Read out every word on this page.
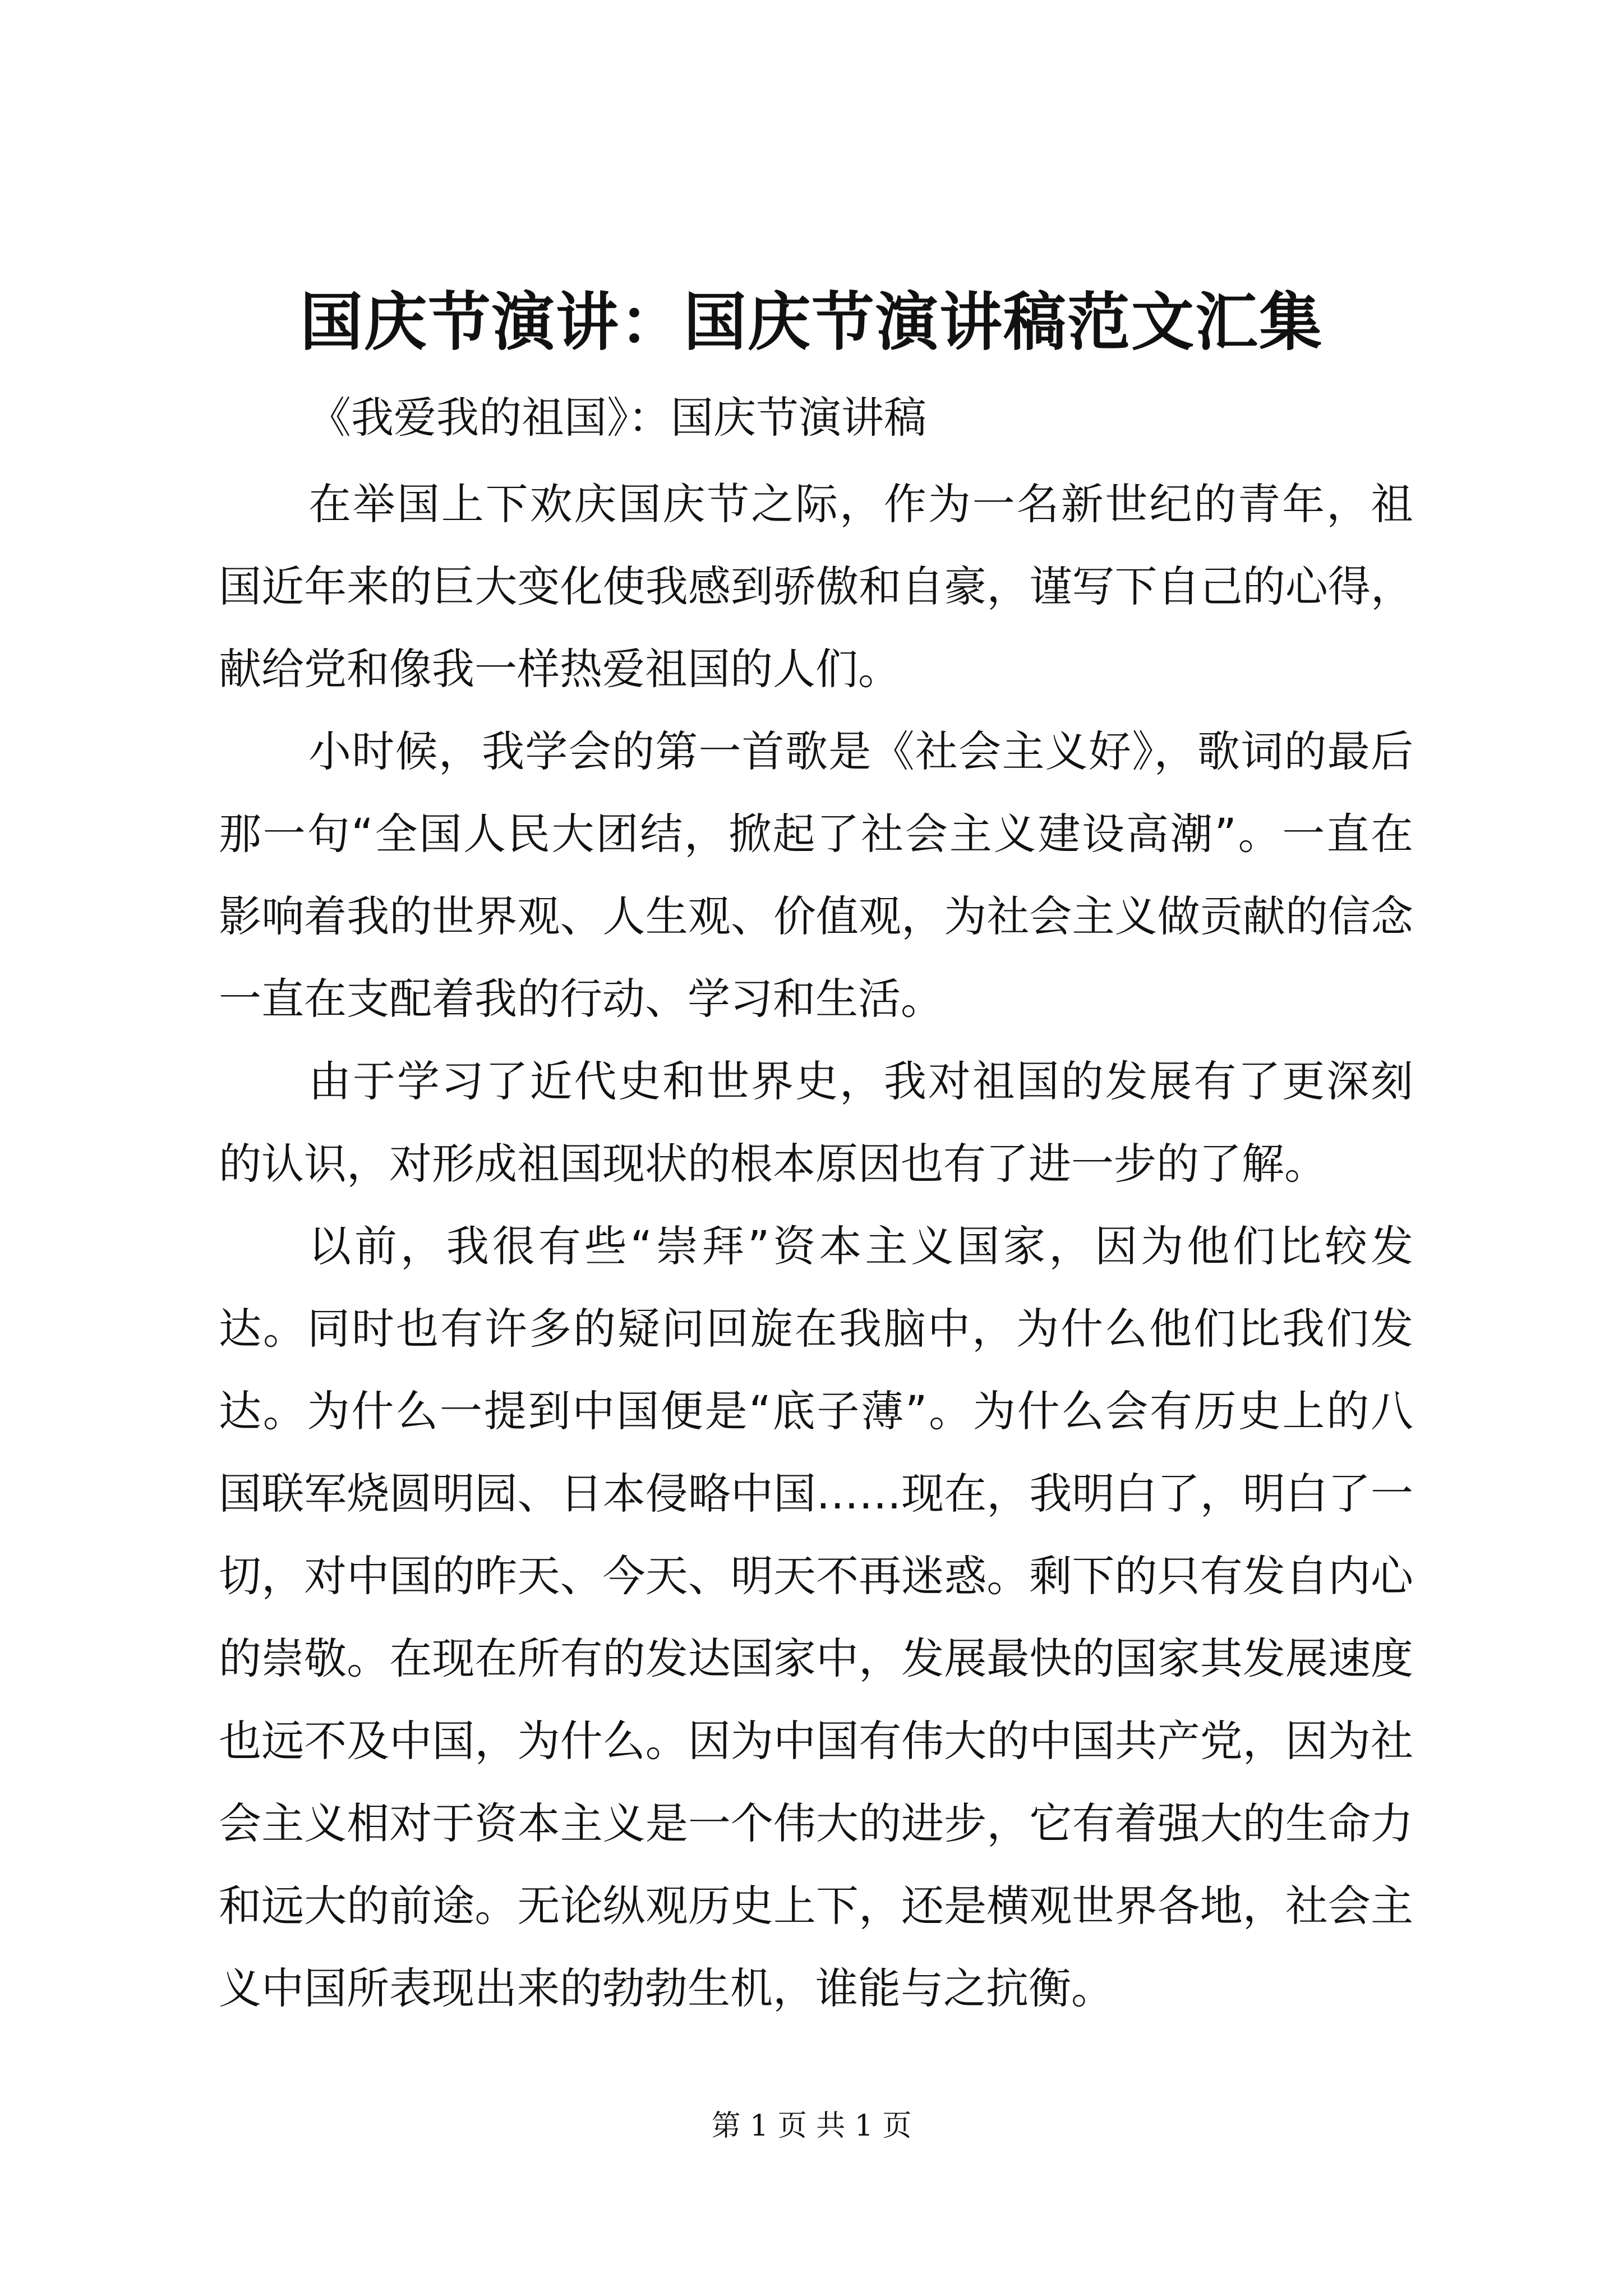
国庆节演讲：国庆节演讲稿范文汇集
《我爱我的祖国》：国庆节演讲稿

在举国上下欢庆国庆节之际，作为一名新世纪的青年，祖国近年来的巨大变化使我感到骄傲和自豪，谨写下自己的心得，献给党和像我一样热爱祖国的人们。

小时候，我学会的第一首歌是《社会主义好》，歌词的最后那一句“全国人民大团结，掀起了社会主义建设高潮”。一直在影响着我的世界观、人生观、价值观，为社会主义做贡献的信念一直在支配着我的行动、学习和生活。

由于学习了近代史和世界史，我对祖国的发展有了更深刻的认识，对形成祖国现状的根本原因也有了进一步的了解。

以前，我很有些“崇拜”资本主义国家，因为他们比较发达。同时也有许多的疑问回旋在我脑中，为什么他们比我们发达。为什么一提到中国便是“底子薄”。为什么会有历史上的八国联军烧圆明园、日本侵略中国……现在，我明白了，明白了一切，对中国的昨天、今天、明天不再迷惑。剩下的只有发自内心的崇敬。在现在所有的发达国家中，发展最快的国家其发展速度也远不及中国，为什么。因为中国有伟大的中国共产党，因为社会主义相对于资本主义是一个伟大的进步，它有着强大的生命力和远大的前途。无论纵观历史上下，还是横观世界各地，社会主义中国所表现出来的勃勃生机，谁能与之抗衡。

第 1 页 共 1 页
